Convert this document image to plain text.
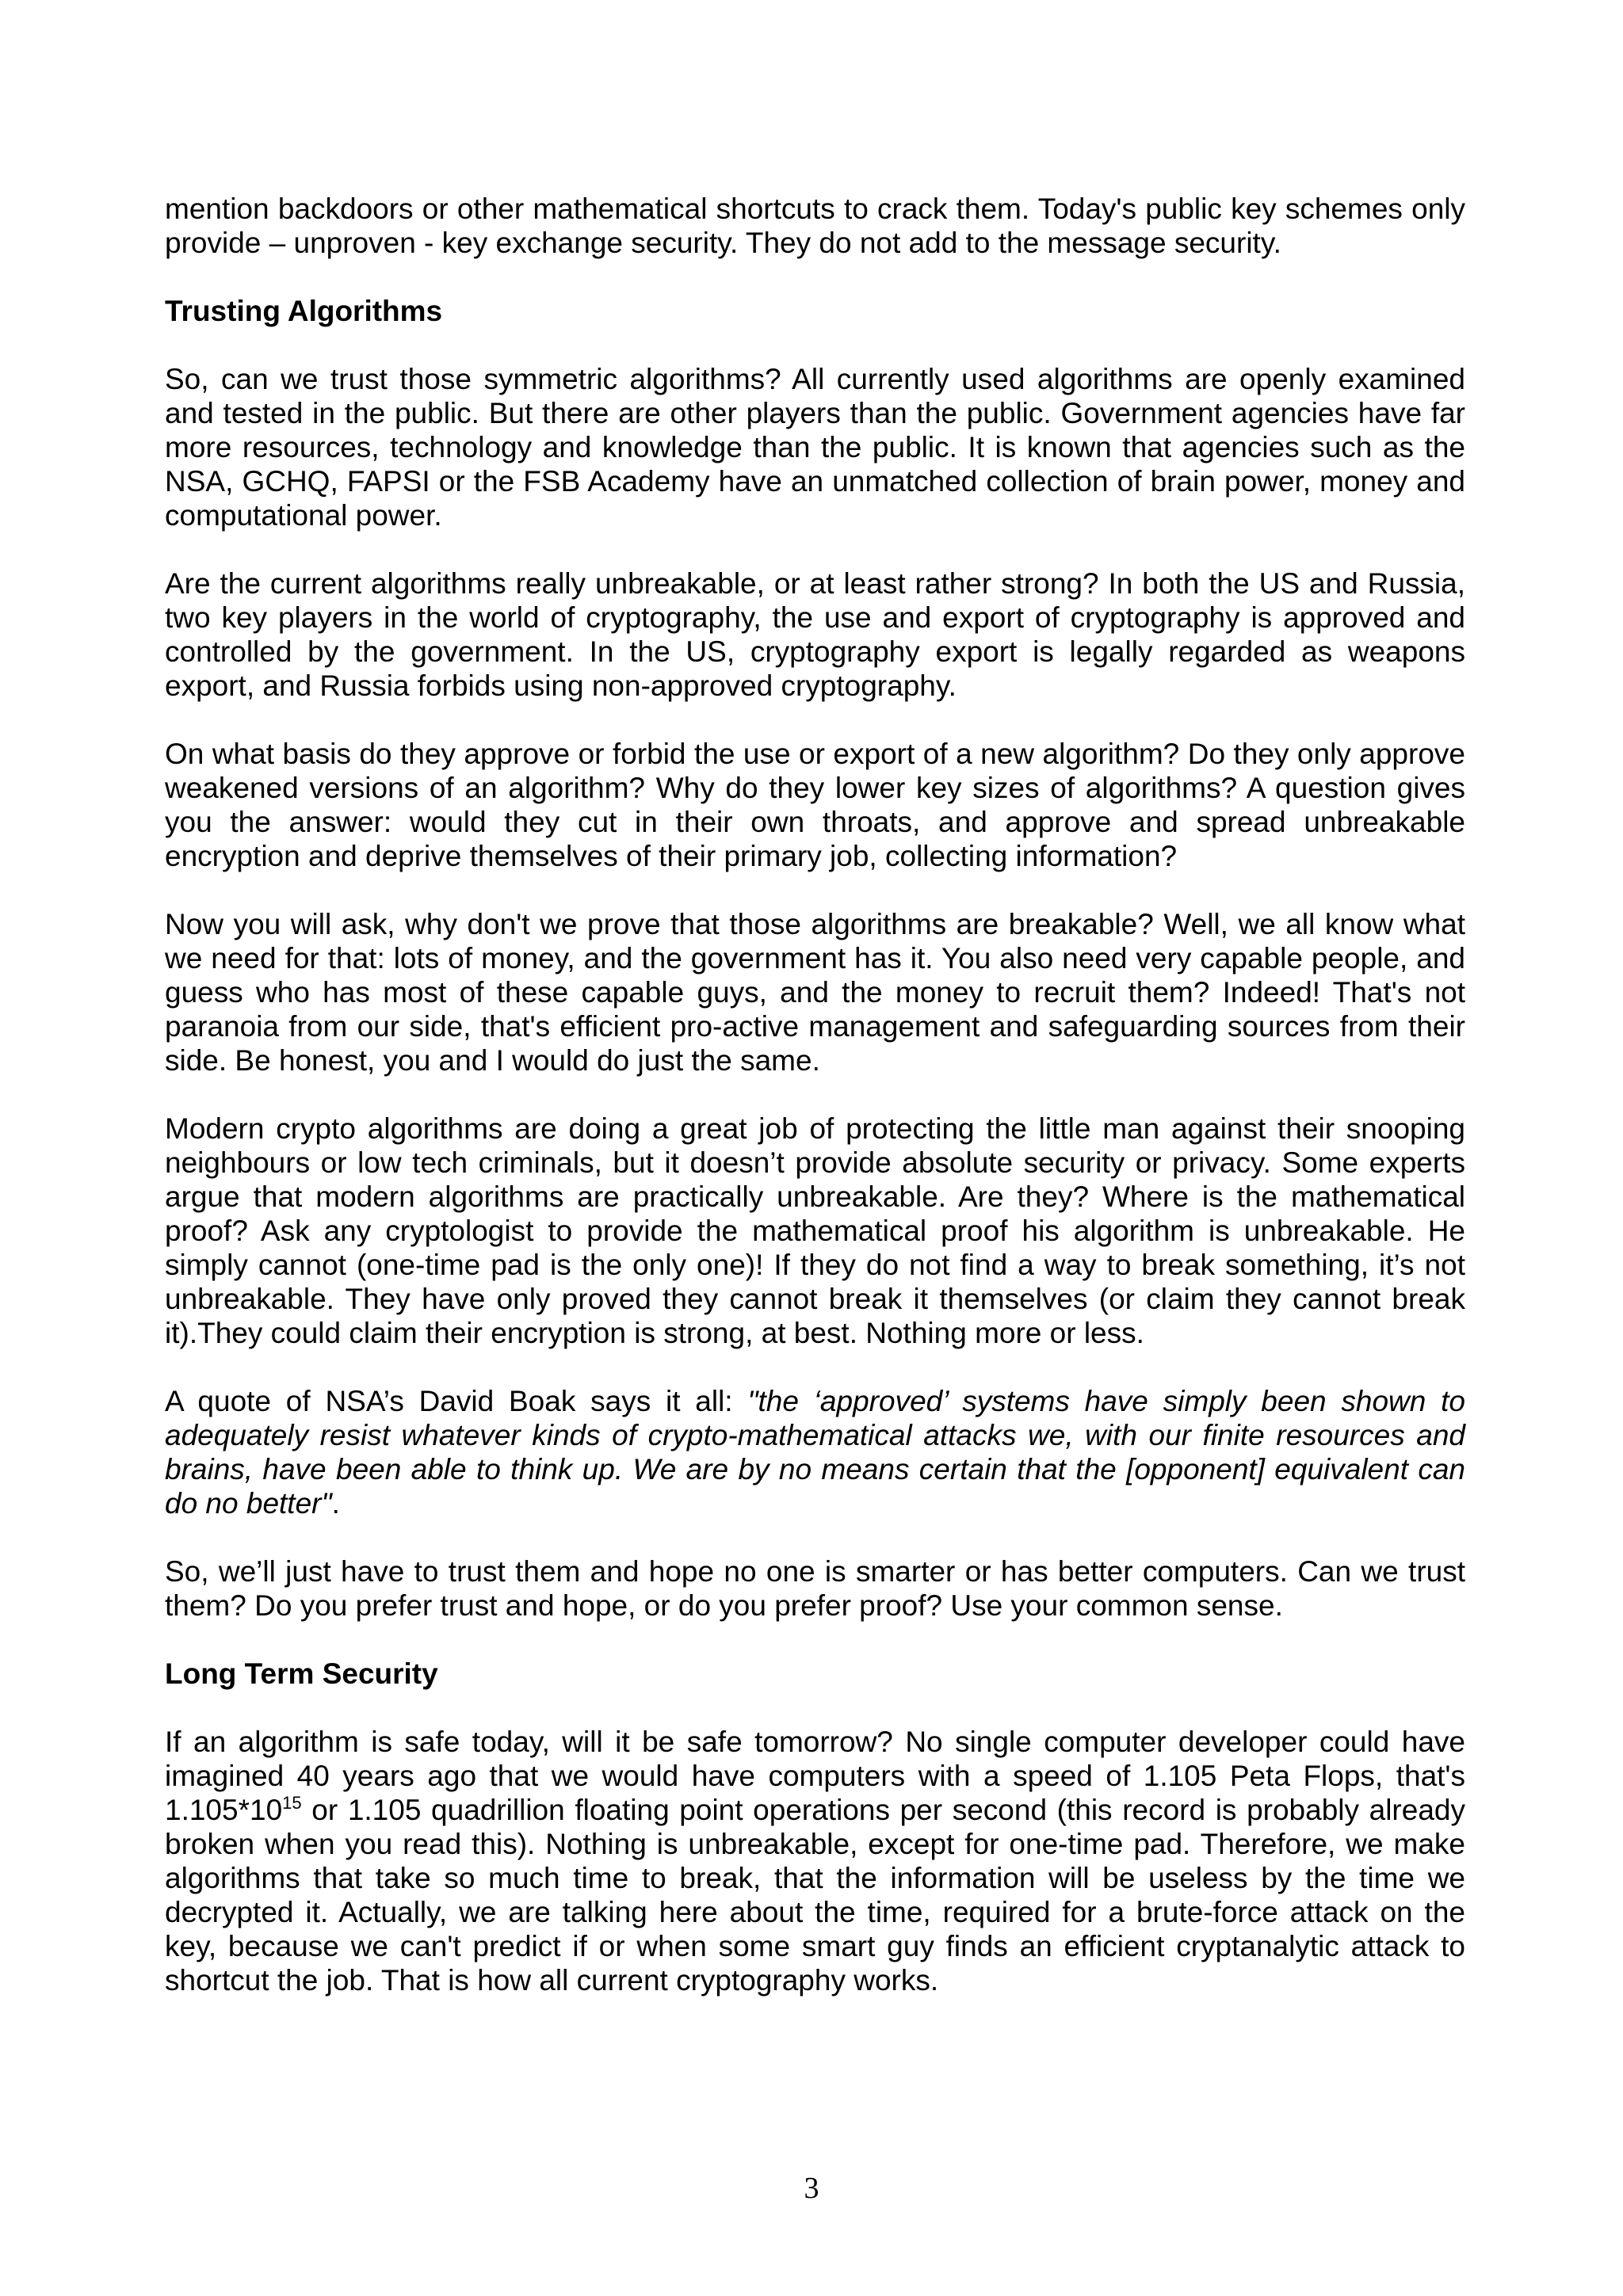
mention backdoors or other mathematical shortcuts to crack them. Today's public key schemes only provide – unproven - key exchange security. They do not add to the message security.

Trusting Algorithms

So, can we trust those symmetric algorithms? All currently used algorithms are openly examined and tested in the public. But there are other players than the public. Government agencies have far more resources, technology and knowledge than the public. It is known that agencies such as the NSA, GCHQ, FAPSI or the FSB Academy have an unmatched collection of brain power, money and computational power.

Are the current algorithms really unbreakable, or at least rather strong? In both the US and Russia, two key players in the world of cryptography, the use and export of cryptography is approved and controlled by the government. In the US, cryptography export is legally regarded as weapons export, and Russia forbids using non-approved cryptography.

On what basis do they approve or forbid the use or export of a new algorithm? Do they only approve weakened versions of an algorithm? Why do they lower key sizes of algorithms? A question gives you the answer: would they cut in their own throats, and approve and spread unbreakable encryption and deprive themselves of their primary job, collecting information?

Now you will ask, why don't we prove that those algorithms are breakable? Well, we all know what we need for that: lots of money, and the government has it. You also need very capable people, and guess who has most of these capable guys, and the money to recruit them? Indeed! That's not paranoia from our side, that's efficient pro-active management and safeguarding sources from their side. Be honest, you and I would do just the same.

Modern crypto algorithms are doing a great job of protecting the little man against their snooping neighbours or low tech criminals, but it doesn’t provide absolute security or privacy. Some experts argue that modern algorithms are practically unbreakable. Are they? Where is the mathematical proof? Ask any cryptologist to provide the mathematical proof his algorithm is unbreakable. He simply cannot (one-time pad is the only one)! If they do not find a way to break something, it’s not unbreakable. They have only proved they cannot break it themselves (or claim they cannot break it).They could claim their encryption is strong, at best. Nothing more or less.

A quote of NSA’s David Boak says it all: "the ‘approved’ systems have simply been shown to adequately resist whatever kinds of crypto-mathematical attacks we, with our finite resources and brains, have been able to think up. We are by no means certain that the [opponent] equivalent can do no better".

So, we’ll just have to trust them and hope no one is smarter or has better computers. Can we trust them? Do you prefer trust and hope, or do you prefer proof? Use your common sense.

Long Term Security

If an algorithm is safe today, will it be safe tomorrow? No single computer developer could have imagined 40 years ago that we would have computers with a speed of 1.105 Peta Flops, that's $1.105*10^{15}$ or 1.105 quadrillion floating point operations per second (this record is probably already broken when you read this). Nothing is unbreakable, except for one-time pad. Therefore, we make algorithms that take so much time to break, that the information will be useless by the time we decrypted it. Actually, we are talking here about the time, required for a brute-force attack on the key, because we can't predict if or when some smart guy finds an efficient cryptanalytic attack to shortcut the job. That is how all current cryptography works.

3
